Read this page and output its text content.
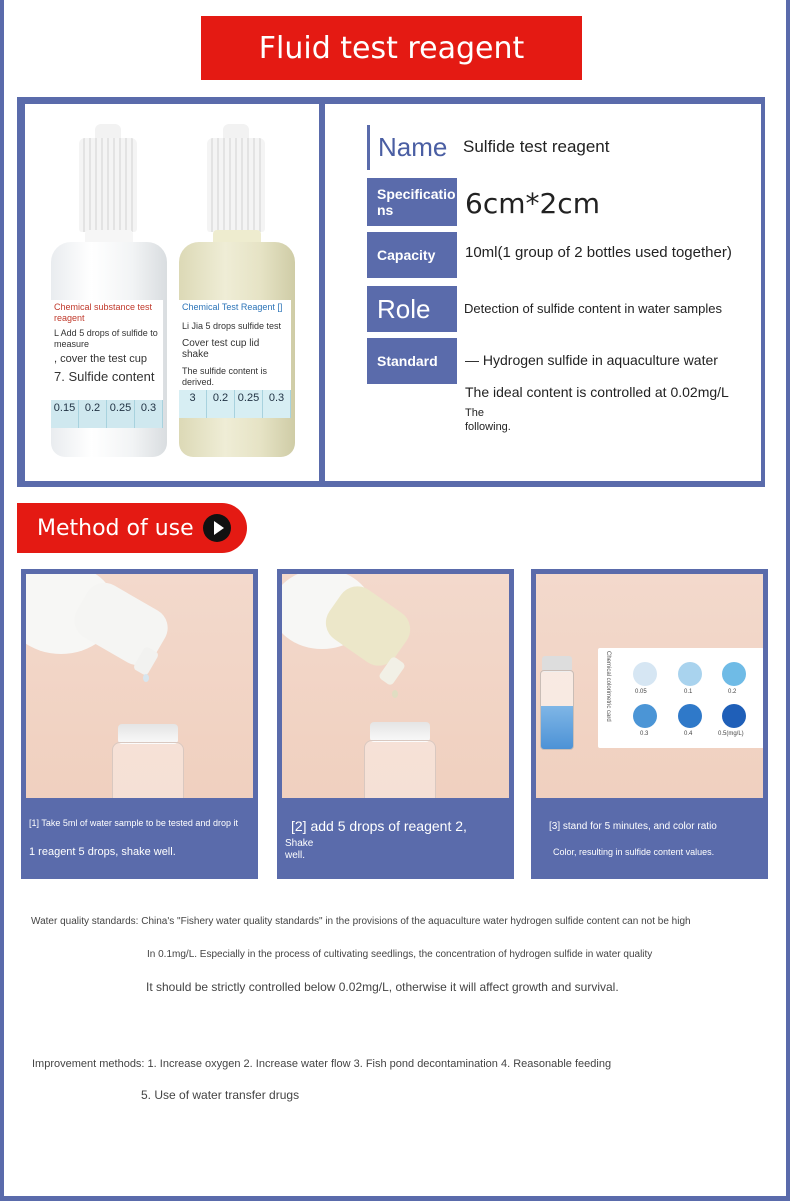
Fluid test reagent
Chemical substance test reagent
L Add 5 drops of sulfide to measure
, cover the test cup
7. Sulfide content
0.15 0.2 0.25 0.3
Chemical Test Reagent []
Li Jia 5 drops sulfide test
Cover test cup lid shake
The sulfide content is derived.
3	0.2 0.25 0.3
Name Sulfide test reagent
Specifications	6cm*2cm
Capacity 10ml(1 group of 2 bottles used together)
Role	Detection of sulfide content in water samples
Standard — Hydrogen sulfide in aquaculture water
The ideal content is controlled at 0.02mg/L
The following.
Method of use
[1] Take 5ml of water sample to be tested and drop it
1 reagent 5 drops, shake well.
[2] add 5 drops of reagent 2,
Shake well.
Chemical colorimetric card	0.05	0.1	0.2
0.3	0.4	0.5(mg/L)
[3] stand for 5 minutes, and color ratio
Color, resulting in sulfide content values.
Water quality standards: China's "Fishery water quality standards" in the provisions of the aquaculture water hydrogen sulfide content can not be high
In 0.1mg/L. Especially in the process of cultivating seedlings, the concentration of hydrogen sulfide in water quality
It should be strictly controlled below 0.02mg/L, otherwise it will affect growth and survival.
Improvement methods: 1. Increase oxygen 2. Increase water flow 3. Fish pond decontamination 4. Reasonable feeding
5. Use of water transfer drugs
